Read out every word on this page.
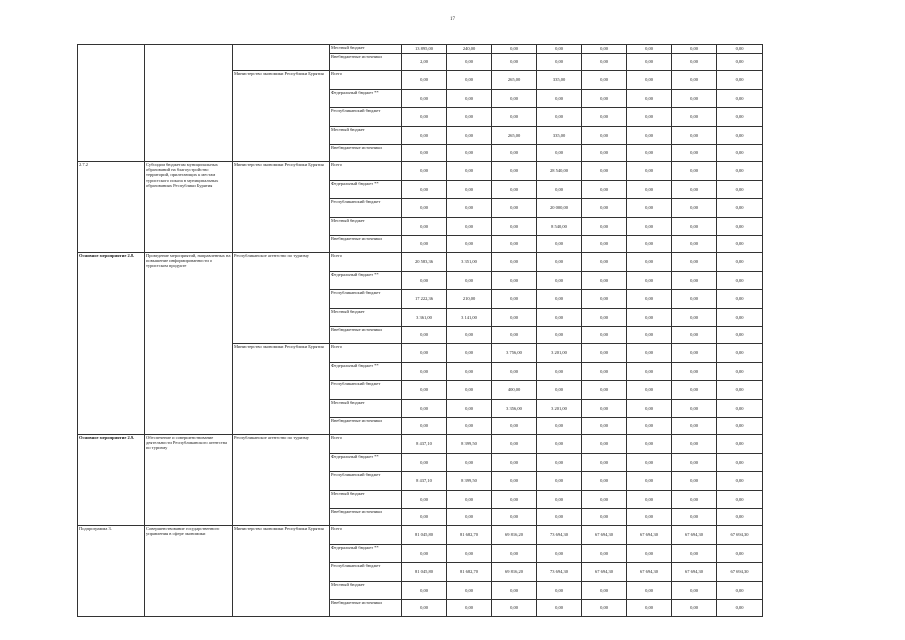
17
			Местный бюджет	13 895,00	240,00	0,00	0,00	0,00	0,00	0,00	0,00
			Внебюджетные источники	2,00	0,00	0,00	0,00	0,00	0,00	0,00	0,00
		Министерство экономики Республики Бурятия	Всего	0,00	0,00	265,00	335,00	0,00	0,00	0,00	0,00
			Федеральный бюджет **	0,00	0,00	0,00	0,00	0,00	0,00	0,00	0,00
			Республиканский бюджет	0,00	0,00	0,00	0,00	0,00	0,00	0,00	0,00
			Местный бюджет	0,00	0,00	265,00	335,00	0,00	0,00	0,00	0,00
			Внебюджетные источники	0,00	0,00	0,00	0,00	0,00	0,00	0,00	0,00
2.7.2	Субсидии бюджетам муниципальных образований на благоустройство территорий, прилегающих к местам туристского показа в муниципальных образованиях Республики Бурятия	Министерство экономики Республики Бурятия	Всего	0,00	0,00	0,00	28 540,00	0,00	0,00	0,00	0,00
			Федеральный бюджет **	0,00	0,00	0,00	0,00	0,00	0,00	0,00	0,00
			Республиканский бюджет	0,00	0,00	0,00	20 000,00	0,00	0,00	0,00	0,00
			Местный бюджет	0,00	0,00	0,00	8 540,00	0,00	0,00	0,00	0,00
			Внебюджетные источники	0,00	0,00	0,00	0,00	0,00	0,00	0,00	0,00
Основное мероприятие 2.8.	Проведение мероприятий, направленных на повышение информированности о туристском продукте	Республиканское агентство по туризму	Всего	20 583,36	3 351,00	0,00	0,00	0,00	0,00	0,00	0,00
			Федеральный бюджет **	0,00	0,00	0,00	0,00	0,00	0,00	0,00	0,00
			Республиканский бюджет	17 222,36	210,00	0,00	0,00	0,00	0,00	0,00	0,00
			Местный бюджет	3 361,00	3 141,00	0,00	0,00	0,00	0,00	0,00	0,00
			Внебюджетные источники	0,00	0,00	0,00	0,00	0,00	0,00	0,00	0,00
		Министерство экономики Республики Бурятия	Всего	0,00	0,00	3 756,00	3 201,00	0,00	0,00	0,00	0,00
			Федеральный бюджет **	0,00	0,00	0,00	0,00	0,00	0,00	0,00	0,00
			Республиканский бюджет	0,00	0,00	400,00	0,00	0,00	0,00	0,00	0,00
			Местный бюджет	0,00	0,00	3 356,00	3 201,00	0,00	0,00	0,00	0,00
			Внебюджетные источники	0,00	0,00	0,00	0,00	0,00	0,00	0,00	0,00
Основное мероприятие 2.9.	Обеспечение и совершенствование деятельности Республиканского агентства по туризму	Республиканское агентство по туризму	Всего	8 437,10	8 399,50	0,00	0,00	0,00	0,00	0,00	0,00
			Федеральный бюджет **	0,00	0,00	0,00	0,00	0,00	0,00	0,00	0,00
			Республиканский бюджет	8 437,10	8 399,50	0,00	0,00	0,00	0,00	0,00	0,00
			Местный бюджет	0,00	0,00	0,00	0,00	0,00	0,00	0,00	0,00
			Внебюджетные источники	0,00	0,00	0,00	0,00	0,00	0,00	0,00	0,00
Подпрограмма 3.	Совершенствование государственного управления в сфере экономики	Министерство экономики Республики Бурятия	Всего	81 045,80	81 682,70	69 816,20	73 694,30	67 694,30	67 694,30	67 694,30	67 694,30
			Федеральный бюджет **	0,00	0,00	0,00	0,00	0,00	0,00	0,00	0,00
			Республиканский бюджет	81 045,80	81 682,70	69 816,20	73 694,30	67 694,30	67 694,30	67 694,30	67 694,30
			Местный бюджет	0,00	0,00	0,00	0,00	0,00	0,00	0,00	0,00
			Внебюджетные источники	0,00	0,00	0,00	0,00	0,00	0,00	0,00	0,00
